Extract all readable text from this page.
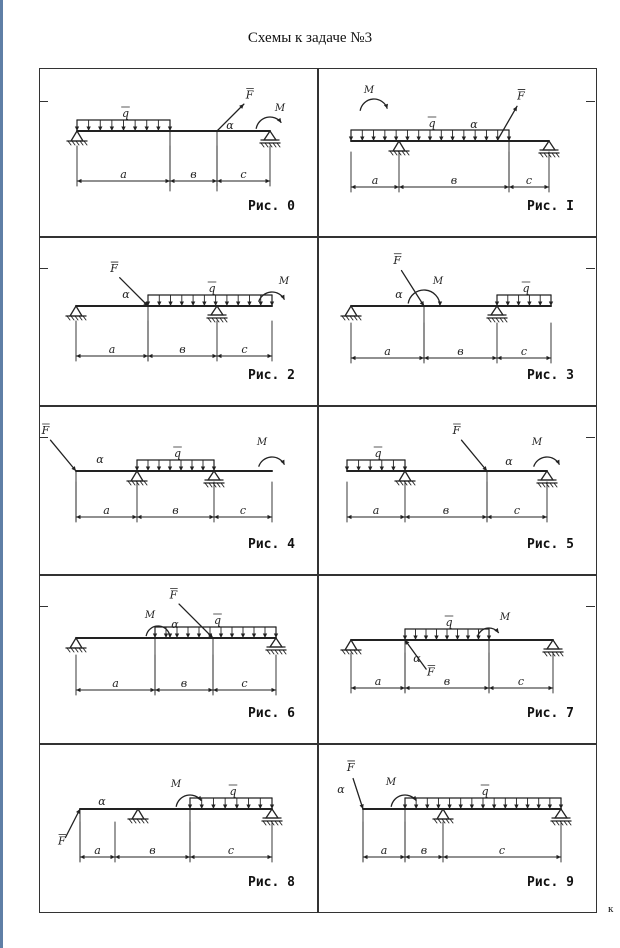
Схемы к задаче №3
к
q
F
α
M
a	в	c
Рис. 0
q
F
α
M
a	в	c
Рис. I
q
F
α
M
a	в	c
Рис. 2
q
F
α
M
a	в	c
Рис. 3
q
F
α
M
a	в	c
Рис. 4
q
F
α
M
a	в	c
Рис. 5
q
F
α
M
a	в	c
Рис. 6
q
F
α
M
a	в	c
Рис. 7
q
F
α
M
a	в	c
Рис. 8
q
F
α
M
a	в	c
Рис. 9
